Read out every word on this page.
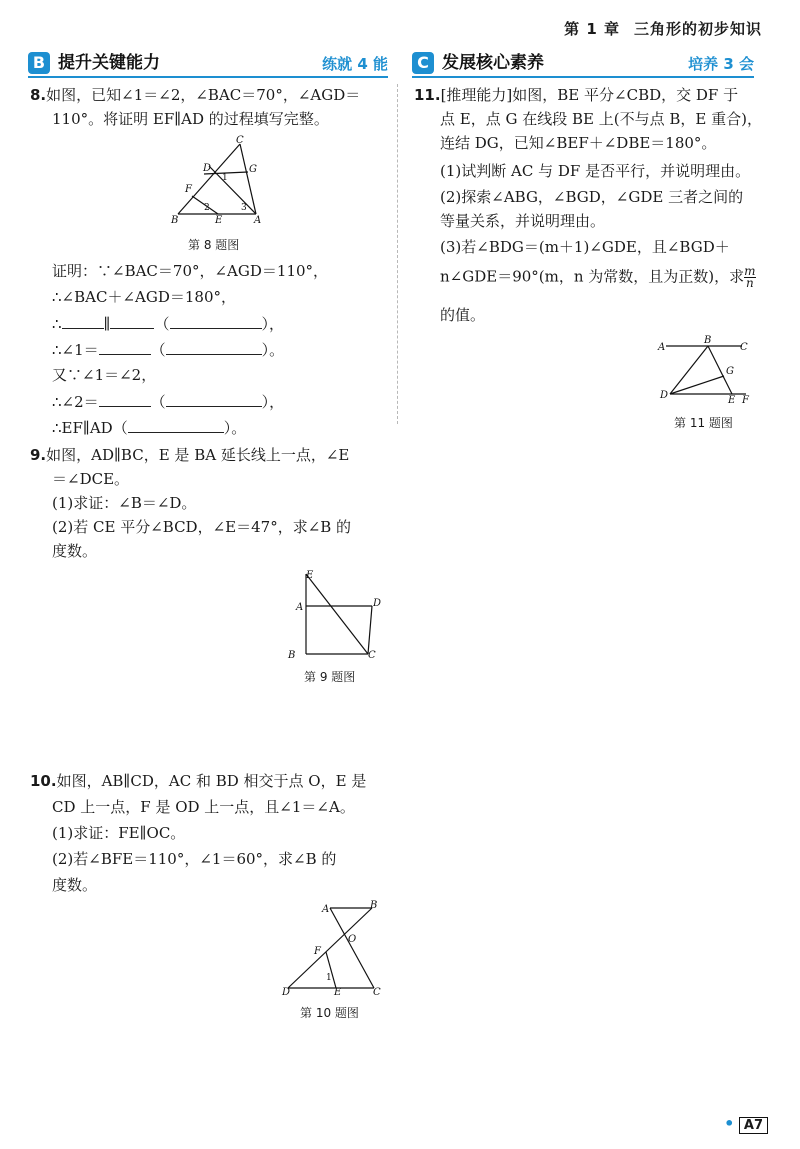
第 1 章 三角形的初步知识
B 提升关键能力	练就 4 能	C 发展核心素养	培养 3 会
8.如图，已知∠1＝∠2，∠BAC＝70°，∠AGD＝
110°。将证明 EF∥AD 的过程填写完整。
C
D	G
F
B	E	A
1
2	3
第 8 题图
证明：∵∠BAC＝70°，∠AGD＝110°，
∴∠BAC＋∠AGD＝180°，
∴	∥	（	），
∴∠1＝	（	）。
又∵∠1＝∠2，
∴∠2＝	（	），
∴EF∥AD（	）。
9.如图，AD∥BC，E 是 BA 延长线上一点，∠E
＝∠DCE。
(1)求证：∠B＝∠D。
(2)若 CE 平分∠BCD，∠E＝47°，求∠B 的
度数。
E
A	D
B	C
第 9 题图
10.如图，AB∥CD，AC 和 BD 相交于点 O，E 是
CD 上一点，F 是 OD 上一点，且∠1＝∠A。
(1)求证：FE∥OC。
(2)若∠BFE＝110°，∠1＝60°，求∠B 的
度数。
A	B
O
F
1
D	E	C
第 10 题图
11.[推理能力]如图，BE 平分∠CBD，交 DF 于
点 E，点 G 在线段 BE 上(不与点 B，E 重合)，
连结 DG，已知∠BEF＋∠DBE＝180°。
(1)试判断 AC 与 DF 是否平行，并说明理由。
(2)探索∠ABG，∠BGD，∠GDE 三者之间的
等量关系，并说明理由。
(3)若∠BDG＝(m＋1)∠GDE，且∠BGD＋
n∠GDE＝90°(m，n 为常数，且为正数)，求 $\frac{m}{n}$
的值。
A
B
C
G
D	E F
第 11 题图
• A7
